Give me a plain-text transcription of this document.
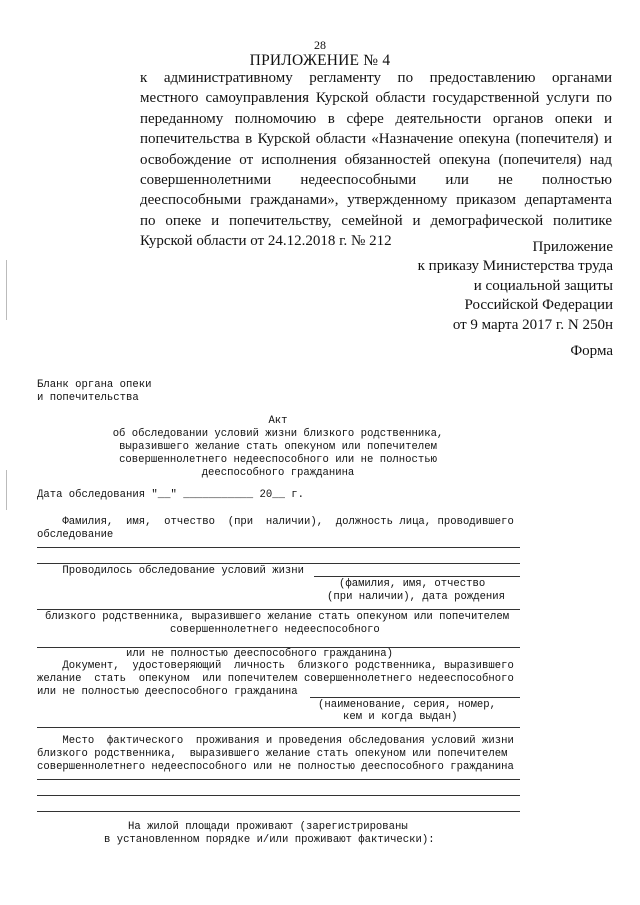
28
ПРИЛОЖЕНИЕ № 4
к административному регламенту по предоставлению органами
местного самоуправления Курской области государственной услуги по
переданному полномочию в сфере деятельности органов опеки и
попечительства в Курской области «Назначение опекуна (попечителя) и
освобождение от исполнения обязанностей опекуна (попечителя) над
совершеннолетними недееспособными или не полностью
дееспособными гражданами», утвержденному приказом департамента
по опеке и попечительству, семейной и демографической политике
Курской области от 24.12.2018 г. № 212	Приложение
к приказу Министерства труда
и социальной защиты
Российской Федерации
от 9 марта 2017 г. N 250н
Форма
Бланк органа опеки
и попечительства
Акт
об обследовании условий жизни близкого родственника,
выразившего желание стать опекуном или попечителем
совершеннолетнего недееспособного или не полностью
дееспособного гражданина
Дата обследования "__" ___________ 20__ г.
Фамилия,  имя,  отчество  (при  наличии),  должность лица, проводившего
обследование
Проводилось обследование условий жизни
(фамилия, имя, отчество
(при наличии), дата рождения
близкого родственника, выразившего желание стать опекуном или попечителем
совершеннолетнего недееспособного
или не полностью дееспособного гражданина)
Документ,  удостоверяющий  личность  близкого родственника, выразившего
желание  стать  опекуном  или попечителем совершеннолетнего недееспособного
или не полностью дееспособного гражданина
(наименование, серия, номер,
кем и когда выдан)
Место  фактического  проживания и проведения обследования условий жизни
близкого родственника,  выразившего желание стать опекуном или попечителем
совершеннолетнего недееспособного или не полностью дееспособного гражданина
На жилой площади проживают (зарегистрированы
в установленном порядке и/или проживают фактически):
